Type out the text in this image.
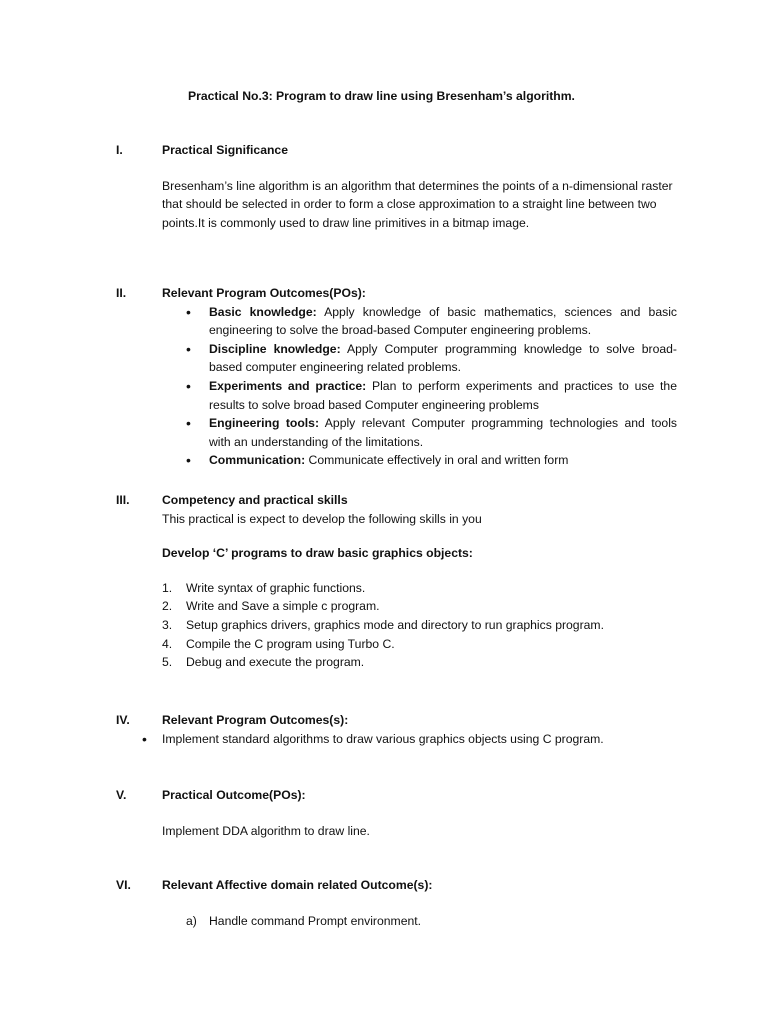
Practical No.3: Program to draw line using Bresenham’s algorithm.
I.	Practical Significance

Bresenham’s line algorithm is an algorithm that determines the points of a n-dimensional raster that should be selected in order to form a close approximation to a straight line between two points.It is commonly used to draw line primitives in a bitmap image.

II.	Relevant Program Outcomes(POs):
• Basic knowledge: Apply knowledge of basic mathematics, sciences and basic engineering to solve the broad-based Computer engineering problems.
• Discipline knowledge: Apply Computer programming knowledge to solve broad-based computer engineering related problems.
• Experiments and practice: Plan to perform experiments and practices to use the results to solve broad based Computer engineering problems
• Engineering tools: Apply relevant Computer programming technologies and tools with an understanding of the limitations.
• Communication: Communicate effectively in oral and written form
III.	Competency and practical skills

This practical is expect to develop the following skills in you

Develop ‘C’ programs to draw basic graphics objects:
1. Write syntax of graphic functions.
2. Write and Save a simple c program.
3. Setup graphics drivers, graphics mode and directory to run graphics program.
4. Compile the C program using Turbo C.
5. Debug and execute the program.
IV.	Relevant Program Outcomes(s):
• Implement standard algorithms to draw various graphics objects using C program.
V.	Practical Outcome(POs):

Implement DDA algorithm to draw line.

VI.	Relevant Affective domain related Outcome(s):
a) Handle command Prompt environment.
